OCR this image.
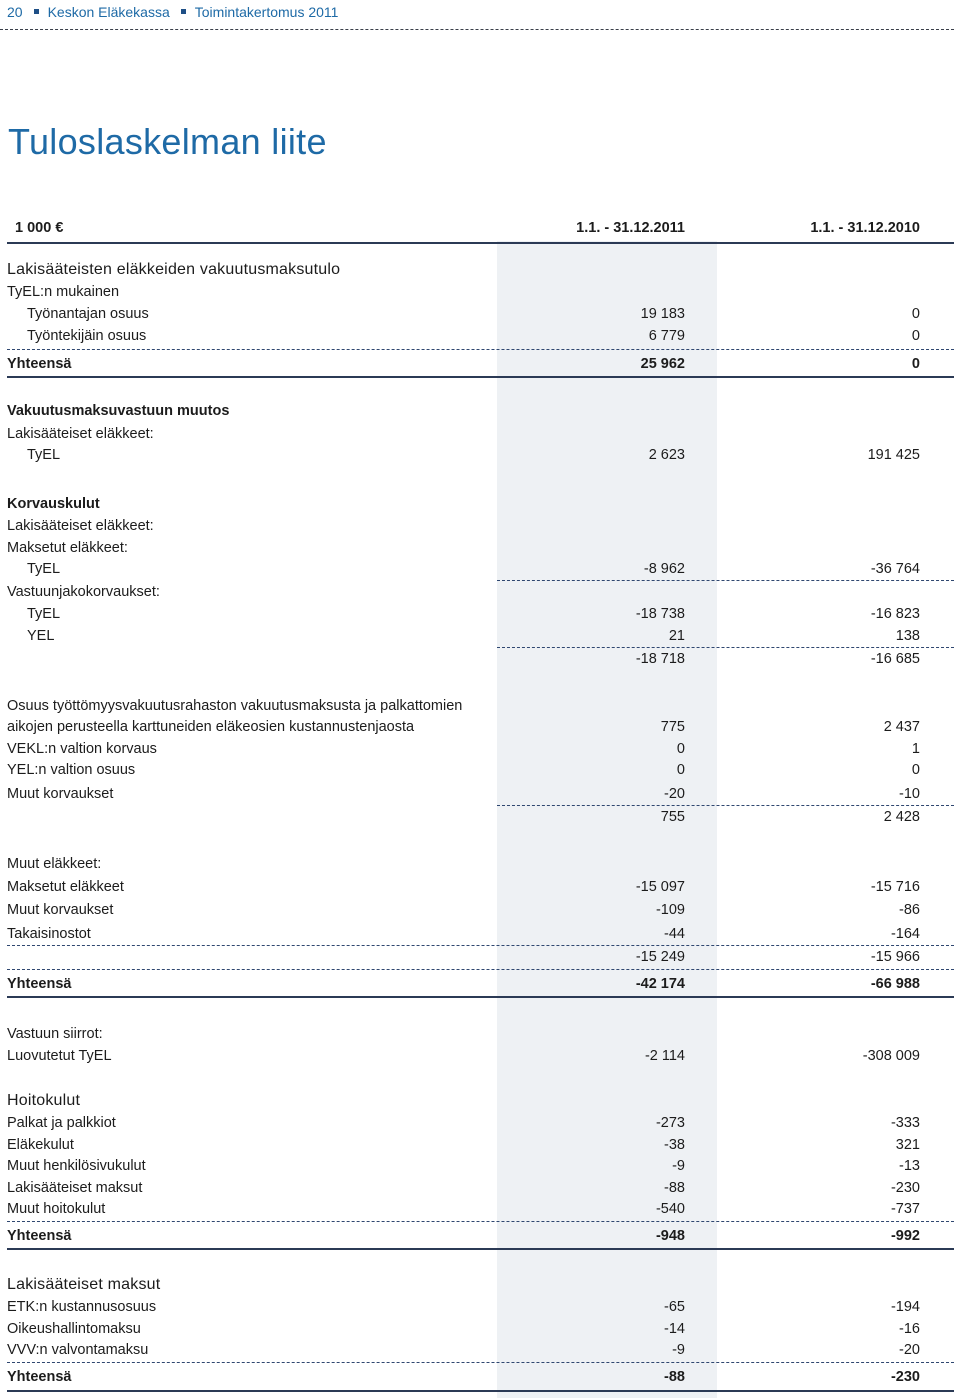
20 Keskon Eläkekassa Toimintakertomus 2011
Tuloslaskelman liite
1 000 €	1.1. - 31.12.2011	1.1. - 31.12.2010
Lakisääteisten eläkkeiden vakuutusmaksutulo
TyEL:n mukainen
Työnantajan osuus	19 183	0
Työntekijäin osuus	6 779	0
Yhteensä	25 962	0
Vakuutusmaksuvastuun muutos
Lakisääteiset eläkkeet:
TyEL	2 623	191 425
Korvauskulut
Lakisääteiset eläkkeet:
Maksetut eläkkeet:
TyEL	-8 962	-36 764
Vastuunjakokorvaukset:
TyEL	-18 738	-16 823
YEL	21	138
-18 718	-16 685
Osuus työttömyysvakuutusrahaston vakuutusmaksusta ja palkattomien
aikojen perusteella karttuneiden eläkeosien kustannustenjaosta	775	2 437
VEKL:n valtion korvaus	0	1
YEL:n valtion osuus	0	0
Muut korvaukset	-20	-10
755	2 428
Muut eläkkeet:
Maksetut eläkkeet	-15 097	-15 716
Muut korvaukset	-109	-86
Takaisinostot	-44	-164
-15 249	-15 966
Yhteensä	-42 174	-66 988
Vastuun siirrot:
Luovutetut TyEL	-2 114	-308 009
Hoitokulut
Palkat ja palkkiot	-273	-333
Eläkekulut	-38	321
Muut henkilösivukulut	-9	-13
Lakisääteiset maksut	-88	-230
Muut hoitokulut	-540	-737
Yhteensä	-948	-992
Lakisääteiset maksut
ETK:n kustannusosuus	-65	-194
Oikeushallintomaksu	-14	-16
VVV:n valvontamaksu	-9	-20
Yhteensä	-88	-230
